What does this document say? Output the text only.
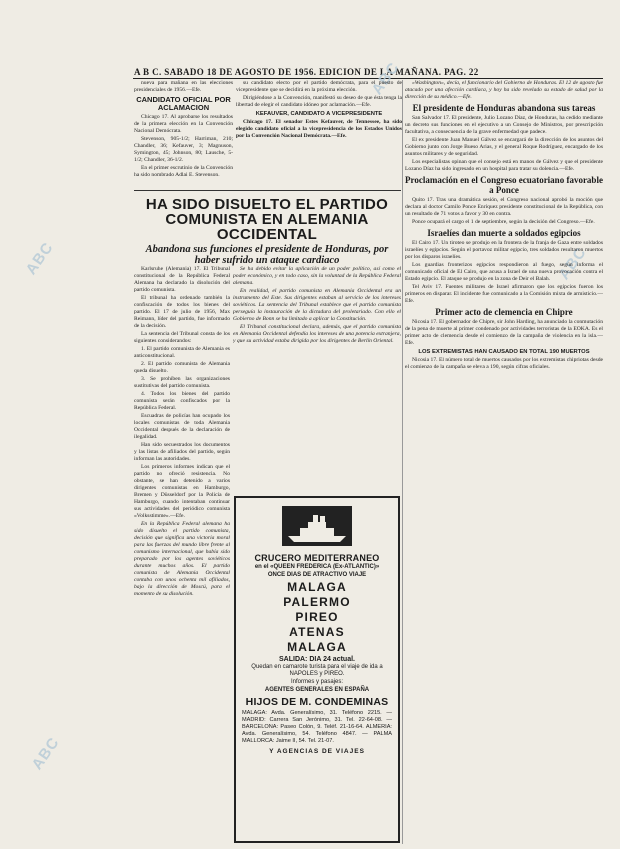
A B C. SABADO 18 DE AGOSTO DE 1956. EDICION DE LA MAÑANA. PAG. 22
ABC
ABC
ABC
ABC

nueva para mañana en las elecciones presidenciales de 1956.—Efe.

CANDIDATO OFICIAL POR ACLAMACION

Chicago 17. Al aprobarse los resultados de la primera elección en la Convención Nacional Demócrata.

Stevenson, 905-1/2; Harriman, 210; Chandler, 36; Kefauver, 3; Magnuson, Symington, 45; Johnson, 80; Lausche, 5-1/2; Chandler, 36-1/2.

En el primer escrutinio de la Convención ha sido nombrado Adlai E. Stevenson.

su candidato electo por el partido demócrata, para el puesto de vicepresidente que se decidirá en la próxima elección.

Dirigiéndose a la Convención, manifestó su deseo de que ésta tenga la libertad de elegir el candidato idóneo por aclamación.—Efe.

KEFAUVER, CANDIDATO A VICEPRESIDENTE

Chicago 17. El senador Estes Kefauver, de Tennessee, ha sido elegido candidato oficial a la vicepresidencia de los Estados Unidos por la Convención Nacional Demócrata.—Efe.

HA SIDO DISUELTO EL PARTIDO COMUNISTA EN ALEMANIA OCCIDENTAL
Abandona sus funciones el presidente de Honduras, por haber sufrido un ataque cardiaco

Karlsruhe (Alemania) 17. El Tribunal constitucional de la República Federal Alemana ha declarado la disolución del partido comunista.

El tribunal ha ordenado también la confiscación de todos los bienes del partido. El 17 de julio de 1956, Max Reimann, líder del partido, fue informado de la decisión.

La sentencia del Tribunal consta de los siguientes considerandos:

1. El partido comunista de Alemania es anticonstitucional.

2. El partido comunista de Alemania queda disuelto.

3. Se prohíben las organizaciones sustitutivas del partido comunista.

4. Todos los bienes del partido comunista serán confiscados por la República Federal.

Escuadras de policías han ocupado los locales comunistas de toda Alemania Occidental después de la declaración de ilegalidad.

Han sido secuestrados los documentos y las listas de afiliados del partido, según informan las autoridades.

Los primeros informes indican que el partido no ofreció resistencia. No obstante, se han detenido a varios dirigentes comunistas en Hamburgo, Bremen y Düsseldorf por la Policía de Hamburgo, cuando intentaban continuar sus actividades del periódico comunista «Volksstimme».—Efe.

En la República Federal alemana ha sido disuelto el partido comunista, decisión que significa una victoria moral para las fuerzas del mundo libre frente al comunismo internacional, que había sido preparado por los agentes soviéticos durante muchos años. El partido comunista de Alemania Occidental contaba con unos ochenta mil afiliados, bajo la dirección de Moscú, para el momento de su disolución.

Se ha debido evitar la aplicación de un poder político, así como el poder económico, y en todo caso, sin la voluntad de la República Federal alemana.

En realidad, el partido comunista en Alemania Occidental era un instrumento del Este. Sus dirigentes estaban al servicio de los intereses soviéticos. La sentencia del Tribunal establece que el partido comunista perseguía la instauración de la dictadura del proletariado. Con ello el Gobierno de Bonn se ha limitado a aplicar la Constitución.

El Tribunal constitucional declara, además, que el partido comunista en Alemania Occidental defendía los intereses de una potencia extranjera, y que su actividad estaba dirigida por los dirigentes de Berlín Oriental.

CRUCERO MEDITERRANEO
en el «QUEEN FREDERICA (Ex-ATLANTIC)»
ONCE DIAS DE ATRACTIVO VIAJE
MALAGA
PALERMO
PIREO
ATENAS
MALAGA
SALIDA: DIA 24 actual.
Quedan en camarote turista para el viaje de ida a NAPOLES y PIREO.
Informes y pasajes:
AGENTES GENERALES EN ESPAÑA
HIJOS DE M. CONDEMINAS
MALAGA: Avda. Generalísimo, 31. Teléfono 2215. — MADRID: Carrera San Jerónimo, 31. Tel. 22-64-08. — BARCELONA: Paseo Colón, 9. Teléf. 21-16-64. ALMERIA: Avda. Generalísimo, 54. Teléfono 4847. — PALMA MALLORCA: Jaime II, 54. Tel. 21-07.
Y AGENCIAS DE VIAJES

«Washington», decía, el funcionario del Gobierno de Honduras. El 12 de agosto fue atacado por una afección cardíaca, y hoy ha sido revelado su estado de salud por la dirección de su médico.—Efe.

El presidente de Honduras abandona sus tareas

San Salvador 17. El presidente, Julio Lozano Díaz, de Honduras, ha cedido mediante un decreto sus funciones en el ejecutivo a un Consejo de Ministros, por prescripción facultativa, a consecuencia de la grave enfermedad que padece.

El ex presidente Juan Manuel Gálvez se encargará de la dirección de los asuntos del Gobierno junto con Jorge Bueso Arias, y el general Roque Rodríguez, encargado de los asuntos militares y de seguridad.

Los especialistas opinan que el consejo está en manos de Gálvez y que el presidente Lozano Díaz ha sido ingresado en un hospital para tratar su dolencia.—Efe.

Proclamación en el Congreso ecuatoriano favorable a Ponce

Quito 17. Tras una dramática sesión, el Congreso nacional aprobó la moción que declara al doctor Camilo Ponce Enríquez presidente constitucional de la República, con un resultado de 71 votos a favor y 30 en contra.

Ponce ocupará el cargo el 1 de septiembre, según la decisión del Congreso.—Efe.

Israelíes dan muerte a soldados egipcios

El Cairo 17. Un tiroteo se produjo en la frontera de la franja de Gaza entre soldados israelíes y egipcios. Según el portavoz militar egipcio, tres soldados resultaron muertos por los disparos israelíes.

Los guardias fronterizos egipcios respondieron al fuego, según informa el comunicado oficial de El Cairo, que acusa a Israel de una nueva provocación contra el Estado egipcio. El ataque se produjo en la zona de Deir el Balah.

Tel Aviv 17. Fuentes militares de Israel afirmaron que los egipcios fueron los primeros en disparar. El incidente fue comunicado a la Comisión mixta de armisticio.—Efe.

Primer acto de clemencia en Chipre

Nicosia 17. El gobernador de Chipre, sir John Harding, ha anunciado la conmutación de la pena de muerte al primer condenado por actividades terroristas de la EOKA. Es el primer acto de clemencia desde el comienzo de la campaña de violencia en la isla.—Efe.

LOS EXTREMISTAS HAN CAUSADO EN TOTAL 190 MUERTOS

Nicosia 17. El número total de muertos causados por los extremistas chipriotas desde el comienzo de la campaña se eleva a 190, según cifras oficiales.
